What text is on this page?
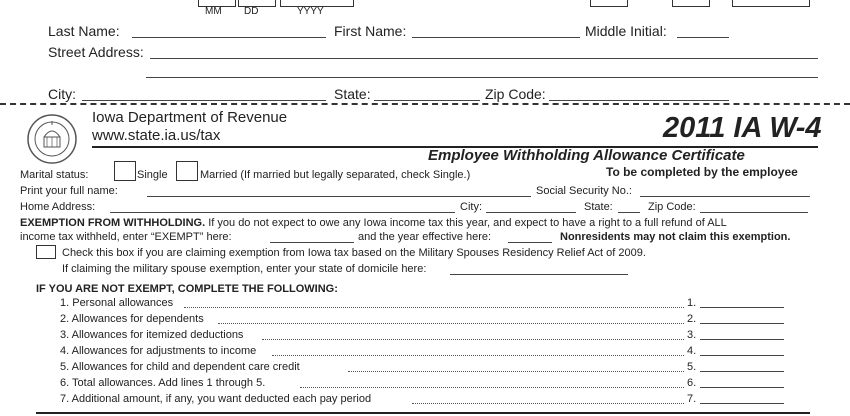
MM DD	YYYY
Last Name:	First Name:	Middle Initial:
Street Address:
City:	State:	Zip Code:
Iowa Department of Revenue
www.state.ia.us/tax	2011 IA W-4
Employee Withholding Allowance Certificate
To be completed by the employee
Marital status:	Single	Married (If married but legally separated, check Single.)
Print your full name:	Social Security No.:
Home Address:	City:	State:	Zip Code:
EXEMPTION FROM WITHHOLDING. If you do not expect to owe any Iowa income tax this year, and expect to have a right to a full refund of ALL
income tax withheld, enter “EXEMPT” here:	and the year effective here:	Nonresidents may not claim this exemption.
Check this box if you are claiming exemption from Iowa tax based on the Military Spouses Residency Relief Act of 2009.
If claiming the military spouse exemption, enter your state of domicile here:
IF YOU ARE NOT EXEMPT, COMPLETE THE FOLLOWING:
1. Personal allowances	1.
2. Allowances for dependents	2.
3. Allowances for itemized deductions	3.
4. Allowances for adjustments to income	4.
5. Allowances for child and dependent care credit	5.
6. Total allowances. Add lines 1 through 5.	6.
7. Additional amount, if any, you want deducted each pay period	7.
